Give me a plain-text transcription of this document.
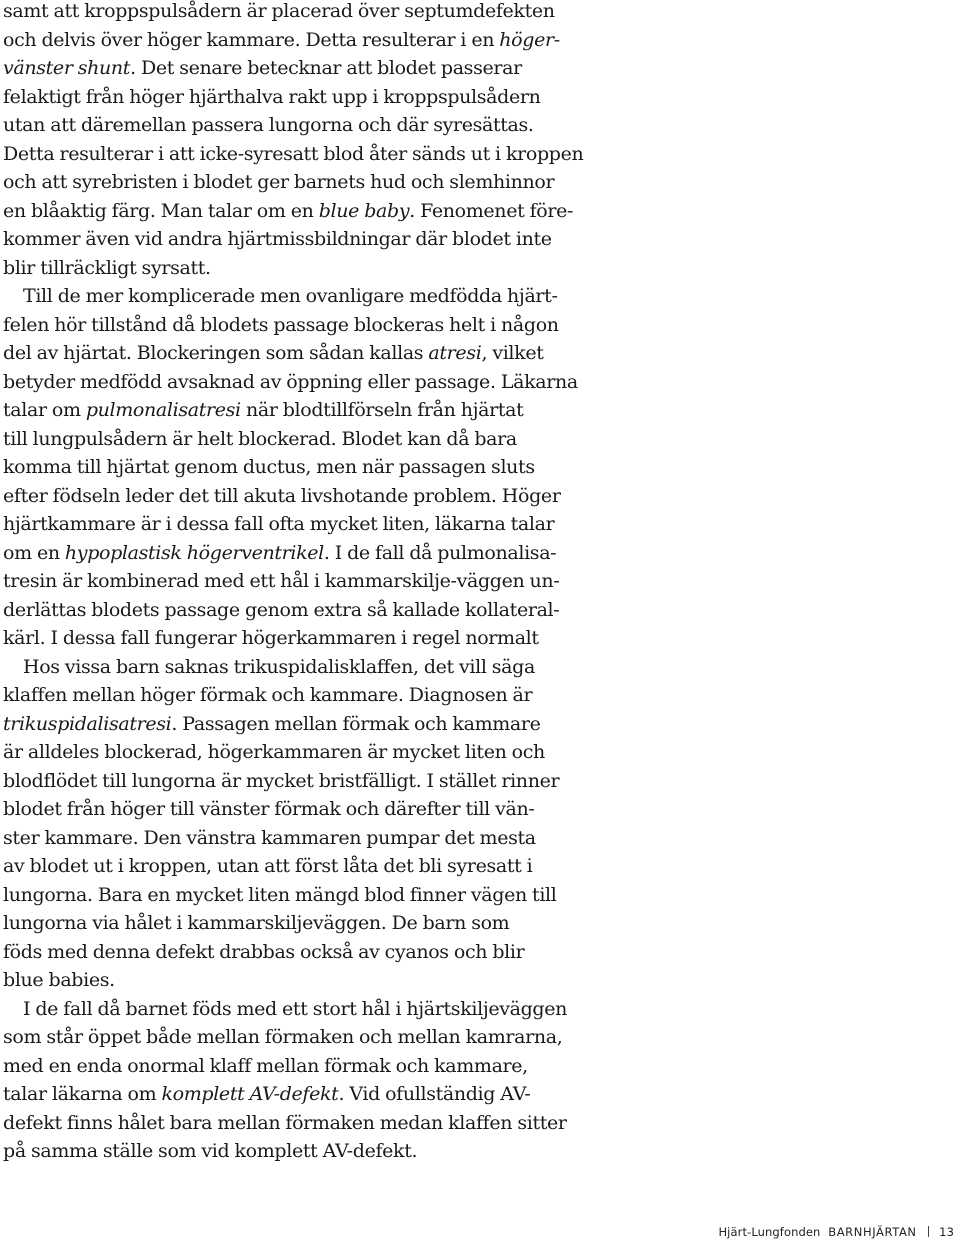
samt att kroppspulsådern är placerad över septumdefekten
och delvis över höger kammare. Detta resulterar i en höger-
vänster shunt. Det senare betecknar att blodet passerar
felaktigt från höger hjärthalva rakt upp i kroppspulsådern
utan att däremellan passera lungorna och där syresättas.
Detta resulterar i att icke-syresatt blod åter sänds ut i kroppen
och att syrebristen i blodet ger barnets hud och slemhinnor
en blåaktig färg. Man talar om en blue baby. Fenomenet före-
kommer även vid andra hjärtmissbildningar där blodet inte
blir tillräckligt syrsatt.
Till de mer komplicerade men ovanligare medfödda hjärt-
felen hör tillstånd då blodets passage blockeras helt i någon
del av hjärtat. Blockeringen som sådan kallas atresi, vilket
betyder medfödd avsaknad av öppning eller passage. Läkarna
talar om pulmonalisatresi när blodtillförseln från hjärtat
till lungpulsådern är helt blockerad. Blodet kan då bara
komma till hjärtat genom ductus, men när passagen sluts
efter födseln leder det till akuta livshotande problem. Höger
hjärtkammare är i dessa fall ofta mycket liten, läkarna talar
om en hypoplastisk högerventrikel. I de fall då pulmonalisa-
tresin är kombinerad med ett hål i kammarskilje-väggen un-
derlättas blodets passage genom extra så kallade kollateral-
kärl. I dessa fall fungerar högerkammaren i regel normalt
Hos vissa barn saknas trikuspidalisklaffen, det vill säga
klaffen mellan höger förmak och kammare. Diagnosen är
trikuspidalisatresi. Passagen mellan förmak och kammare
är alldeles blockerad, högerkammaren är mycket liten och
blodflödet till lungorna är mycket bristfälligt. I stället rinner
blodet från höger till vänster förmak och därefter till vän-
ster kammare. Den vänstra kammaren pumpar det mesta
av blodet ut i kroppen, utan att först låta det bli syresatt i
lungorna. Bara en mycket liten mängd blod finner vägen till
lungorna via hålet i kammarskiljeväggen. De barn som
föds med denna defekt drabbas också av cyanos och blir
blue babies.
I de fall då barnet föds med ett stort hål i hjärtskiljeväggen
som står öppet både mellan förmaken och mellan kamrarna,
med en enda onormal klaff mellan förmak och kammare,
talar läkarna om komplett AV-defekt. Vid ofullständig AV-
defekt finns hålet bara mellan förmaken medan klaffen sitter
på samma ställe som vid komplett AV-defekt.
Hjärt-Lungfonden BARNHJÄRTAN 13
